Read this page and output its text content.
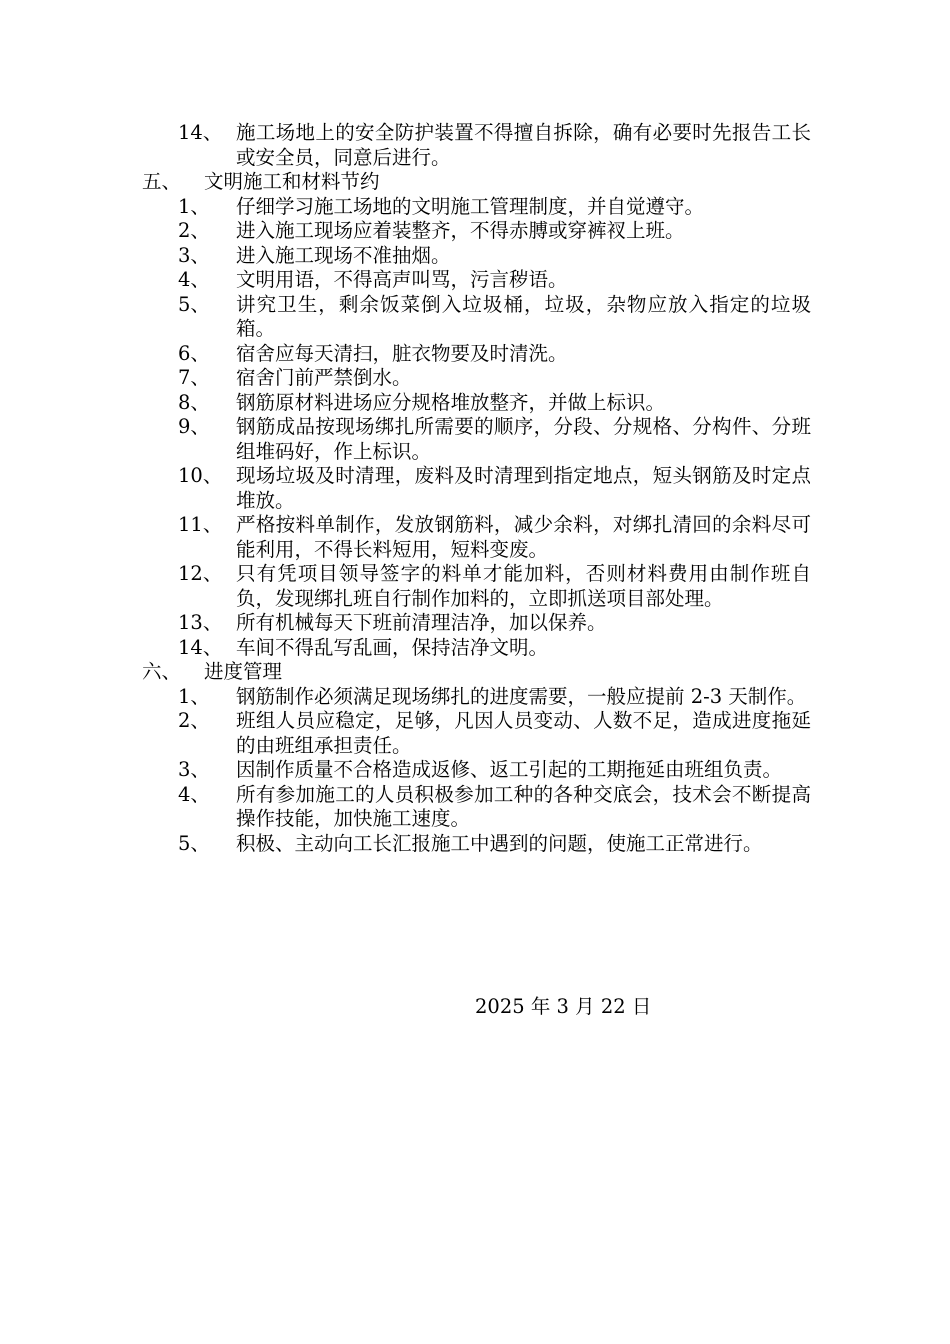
14、 施工场地上的安全防护装置不得擅自拆除，确有必要时先报告工长或安全员，同意后进行。
五、	文明施工和材料节约
1、	仔细学习施工场地的文明施工管理制度，并自觉遵守。
2、	进入施工现场应着装整齐，不得赤膊或穿裤衩上班。
3、	进入施工现场不准抽烟。
4、	文明用语，不得高声叫骂，污言秽语。
5、	讲究卫生，剩余饭菜倒入垃圾桶，垃圾，杂物应放入指定的垃圾箱。
6、	宿舍应每天清扫，脏衣物要及时清洗。
7、	宿舍门前严禁倒水。
8、	钢筋原材料进场应分规格堆放整齐，并做上标识。
9、	钢筋成品按现场绑扎所需要的顺序，分段、分规格、分构件、分班组堆码好，作上标识。
10、 现场垃圾及时清理，废料及时清理到指定地点，短头钢筋及时定点堆放。
11、 严格按料单制作，发放钢筋料，减少余料，对绑扎清回的余料尽可能利用，不得长料短用，短料变废。
12、 只有凭项目领导签字的料单才能加料，否则材料费用由制作班自负，发现绑扎班自行制作加料的，立即抓送项目部处理。
13、 所有机械每天下班前清理洁净，加以保养。
14、 车间不得乱写乱画，保持洁净文明。
六、	进度管理
1、	钢筋制作必须满足现场绑扎的进度需要，一般应提前 2-3 天制作。
2、	班组人员应稳定，足够，凡因人员变动、人数不足，造成进度拖延的由班组承担责任。
3、	因制作质量不合格造成返修、返工引起的工期拖延由班组负责。
4、	所有参加施工的人员积极参加工种的各种交底会，技术会不断提高操作技能，加快施工速度。
5、	积极、主动向工长汇报施工中遇到的问题，使施工正常进行。
2025 年 3 月 22 日
